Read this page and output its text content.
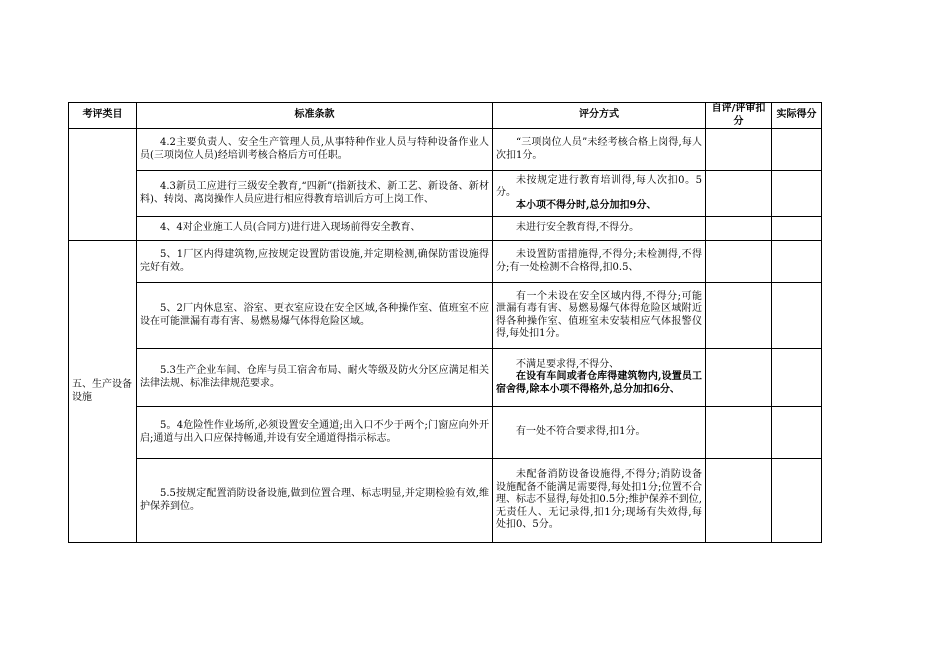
考评类目	标准条款	评分方式	自评/评审扣分	实际得分
	4.2主要负责人、安全生产管理人员,从事特种作业人员与特种设备作业人员(三项岗位人员)经培训考核合格后方可任职。	“三项岗位人员”未经考核合格上岗得,每人次扣1分。		

	4.3新员工应进行三级安全教育,“四新”(指新技术、新工艺、新设备、新材料)、转岗、离岗操作人员应进行相应得教育培训后方可上岗工作、	未按规定进行教育培训得,每人次扣0。5分。
本小项不得分时,总分加扣9分、		

	4、4对企业施工人员(合同方)进行进入现场前得安全教育、	未进行安全教育得,不得分。		

五、生产设备设施	5、1厂区内得建筑物,应按规定设置防雷设施,并定期检测,确保防雷设施得完好有效。	未设置防雷措施得,不得分;未检测得,不得分;有一处检测不合格得,扣0.5、		

	5、2厂内休息室、浴室、更衣室应设在安全区域,各种操作室、值班室不应设在可能泄漏有毒有害、易燃易爆气体得危险区域。	有一个未设在安全区域内得,不得分;可能泄漏有毒有害、易燃易爆气体得危险区域附近得各种操作室、值班室未安装相应气体报警仪得,每处扣1分。		

	5.3生产企业车间、仓库与员工宿舍布局、耐火等级及防火分区应满足相关法律法规、标准法律规范要求。	不满足要求得,不得分、
在设有车间或者仓库得建筑物内,设置员工宿舍得,除本小项不得格外,总分加扣6分、		

	5。4危险性作业场所,必须设置安全通道;出入口不少于两个;门窗应向外开启;通道与出入口应保持畅通,并设有安全通道得指示标志。	有一处不符合要求得,扣1分。		

	5.5按规定配置消防设备设施,做到位置合理、标志明显,并定期检验有效,维护保养到位。	未配备消防设备设施得,不得分;消防设备设施配备不能满足需要得,每处扣1分;位置不合理、标志不显得,每处扣0.5分;维护保养不到位,无责任人、无记录得,扣1分;现场有失效得,每处扣0、5分。		
